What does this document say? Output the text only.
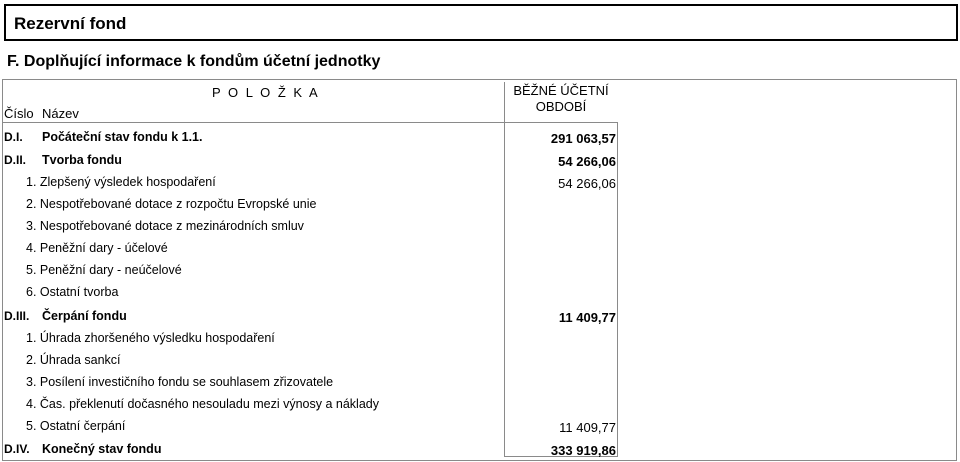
Rezervní fond
F. Doplňující informace k fondům účetní jednotky
P O L O Ž K A
Číslo Název
BĚŽNÉ ÚČETNÍ OBDOBÍ
D.I. Počáteční stav fondu k 1.1.	291 063,57
D.II. Tvorba fondu	54 266,06
1. Zlepšený výsledek hospodaření	54 266,06
2. Nespotřebované dotace z rozpočtu Evropské unie
3. Nespotřebované dotace z mezinárodních smluv
4. Peněžní dary - účelové
5. Peněžní dary - neúčelové
6. Ostatní tvorba
D.III. Čerpání fondu	11 409,77
1. Úhrada zhoršeného výsledku hospodaření
2. Úhrada sankcí
3. Posílení investičního fondu se souhlasem zřizovatele
4. Čas. překlenutí dočasného nesouladu mezi výnosy a náklady
5. Ostatní čerpání	11 409,77
D.IV. Konečný stav fondu	333 919,86
